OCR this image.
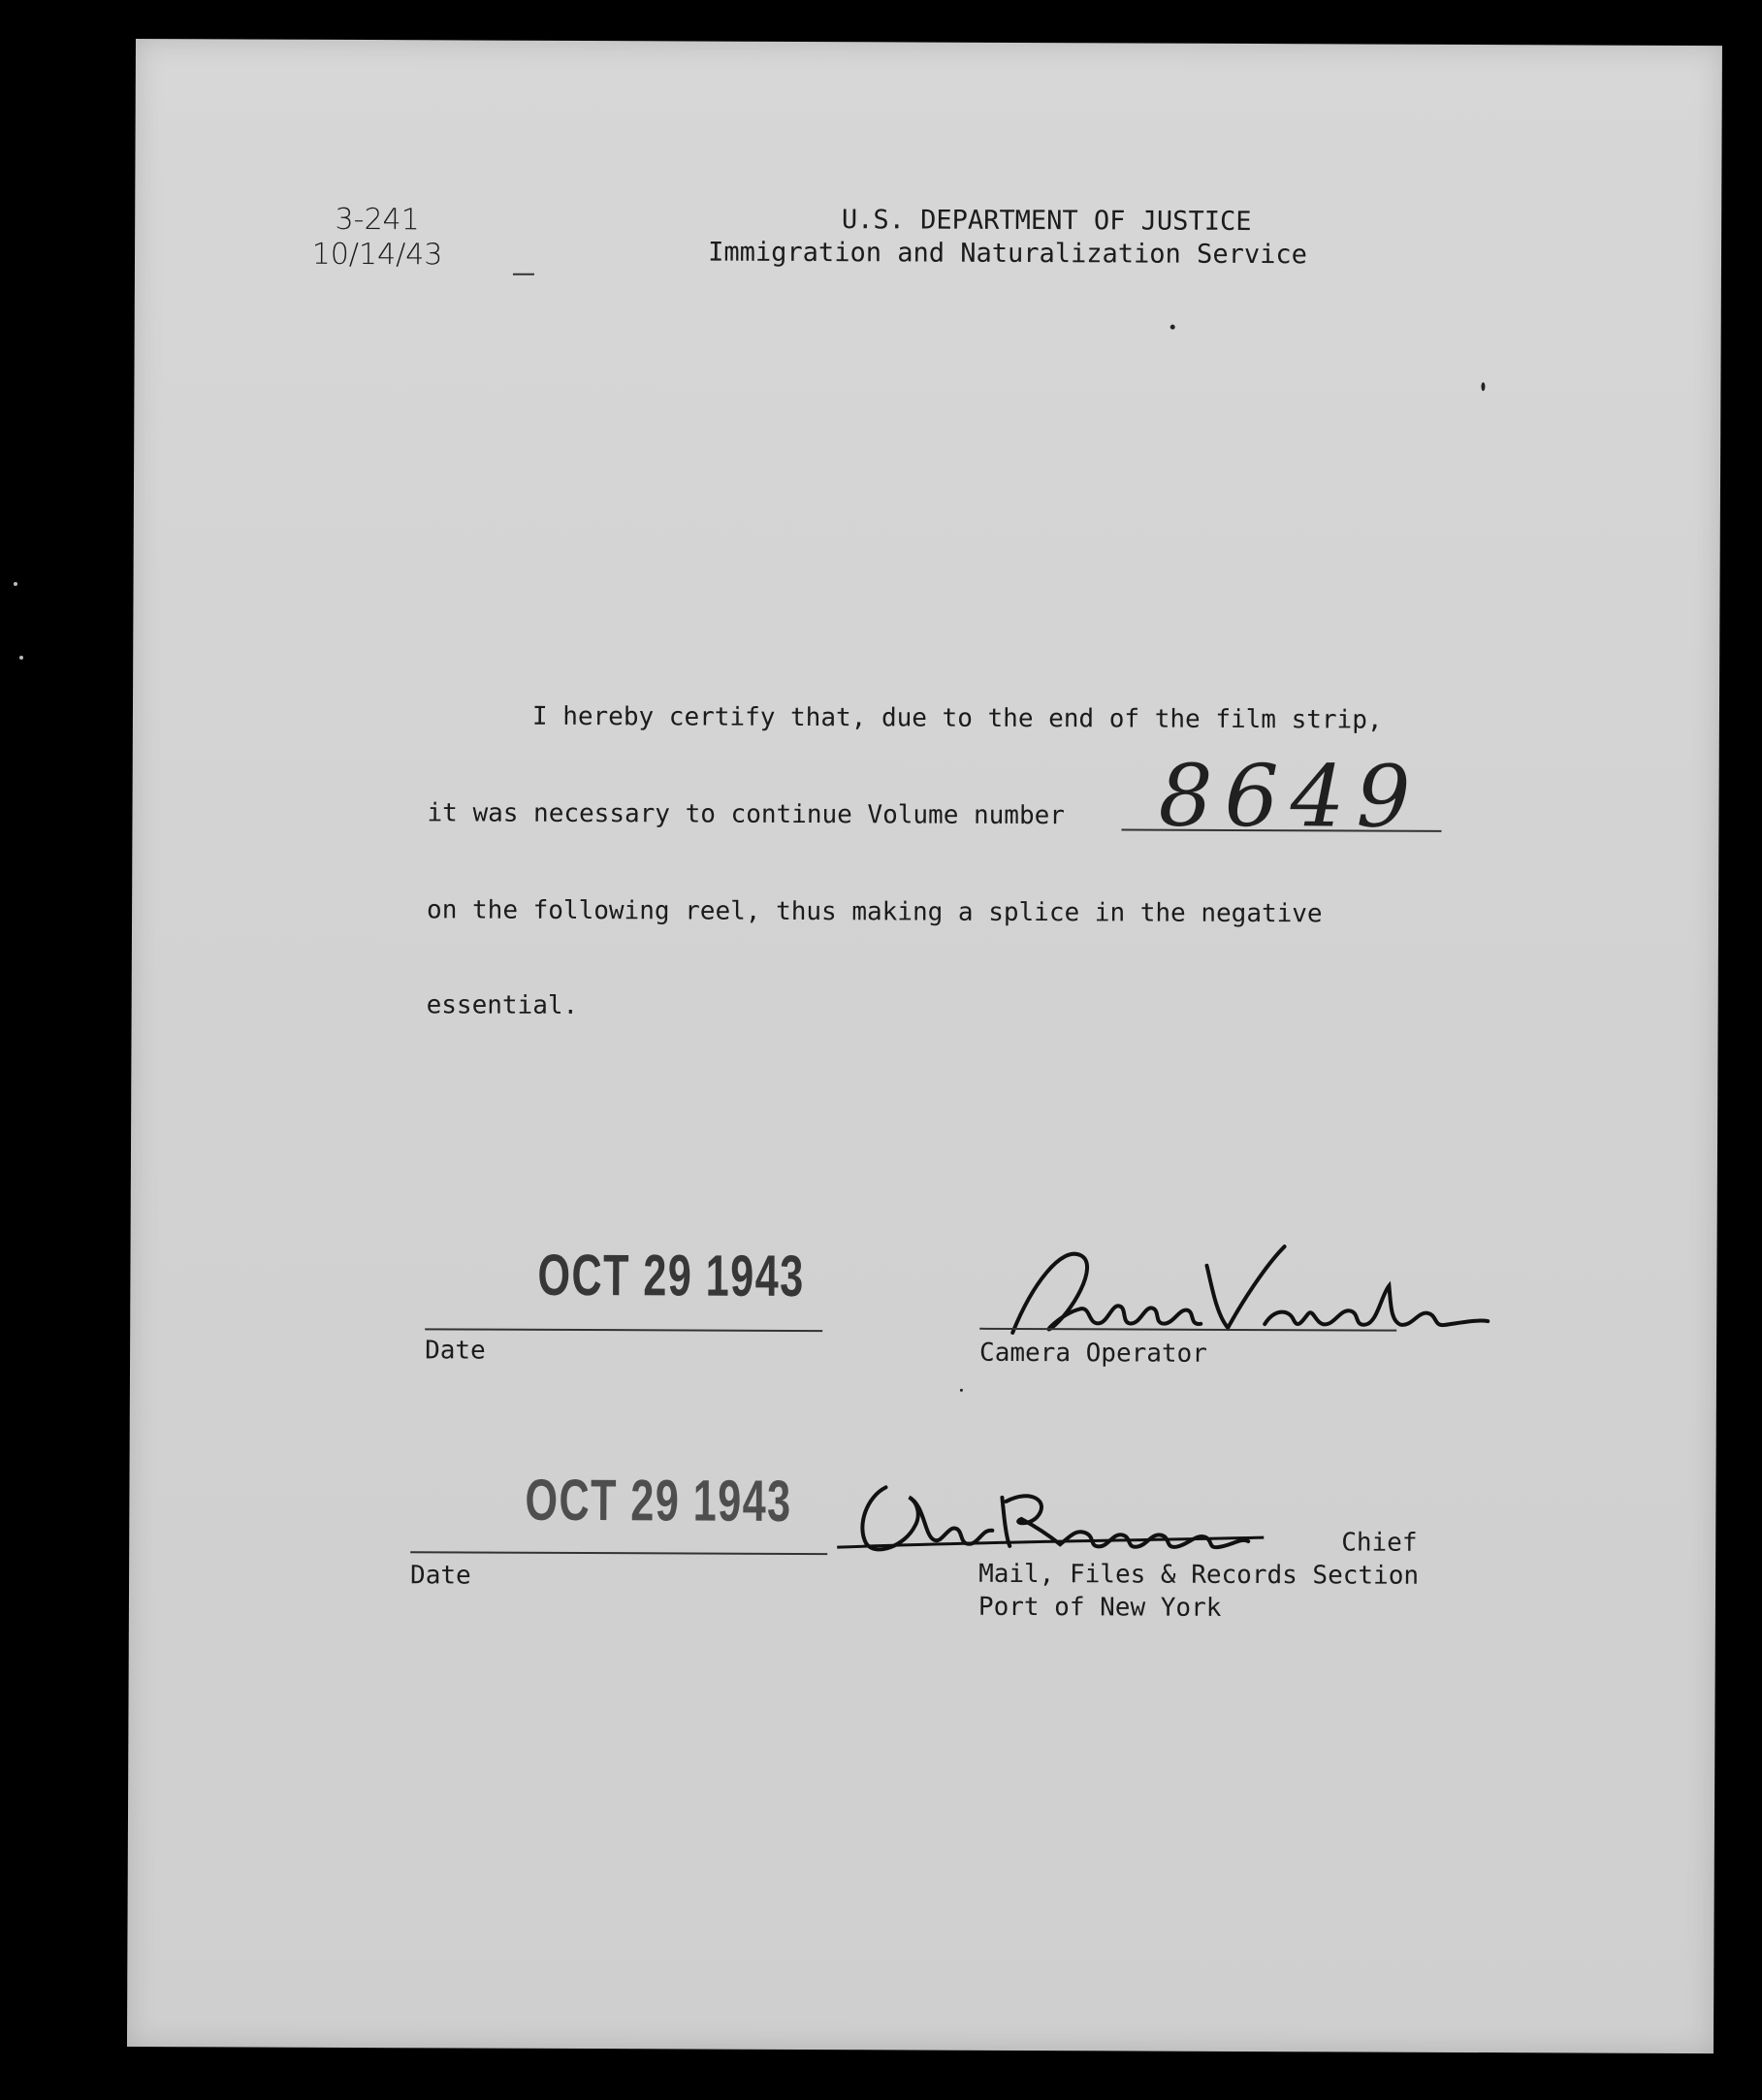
3-241
10/14/43
U.S. DEPARTMENT OF JUSTICE
Immigration and Naturalization Service
I hereby certify that, due to the end of the film strip,
it was necessary to continue Volume number 8649
on the following reel, thus making a splice in the negative
essential.
OCT 29 1943
Date	Camera Operator
OCT 29 1943
Date
Chief
Mail, Files & Records Section
Port of New York
